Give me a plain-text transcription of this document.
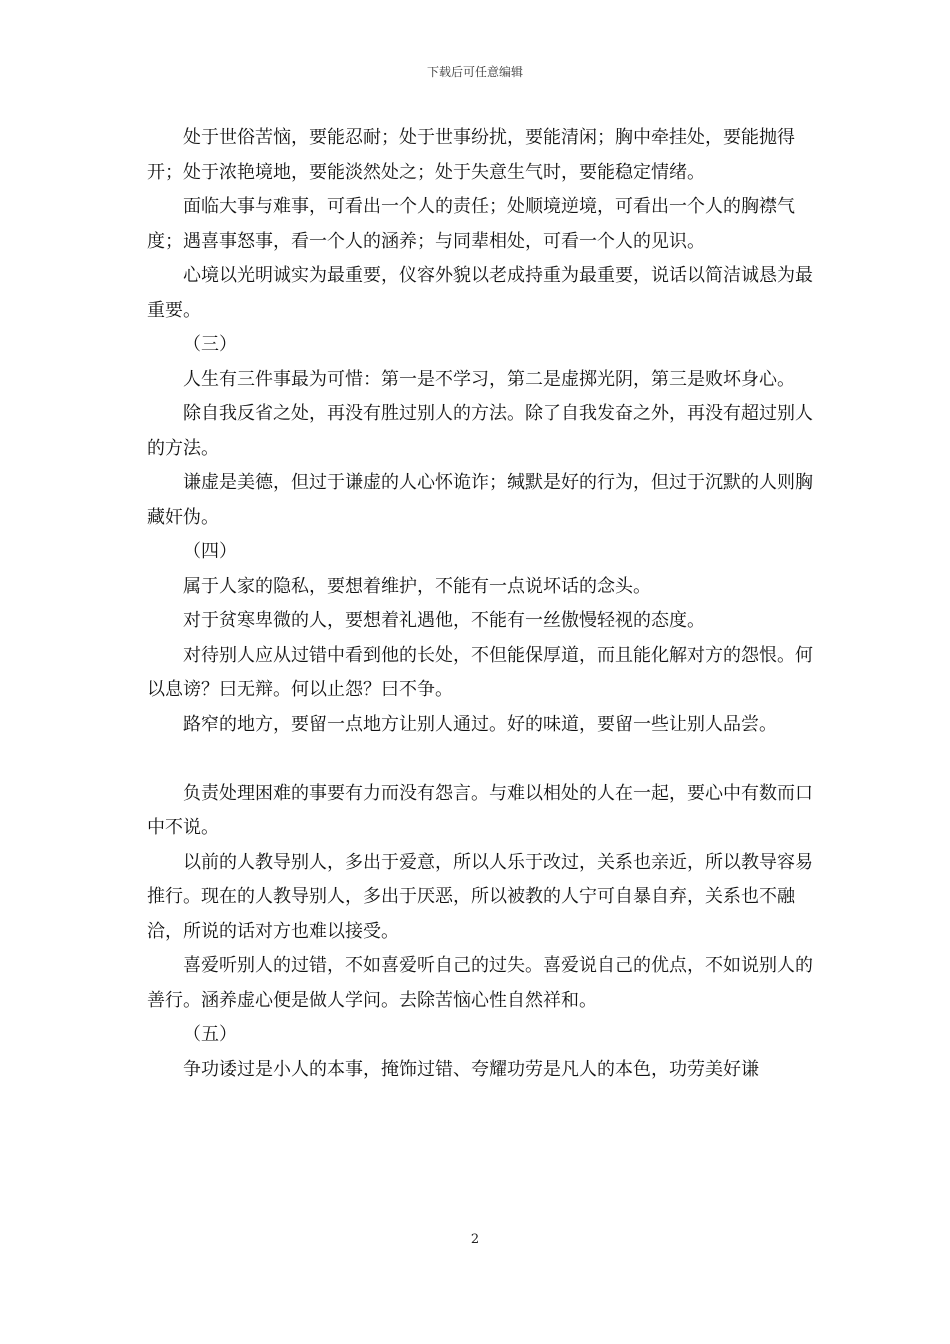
下载后可任意编辑

处于世俗苦恼，要能忍耐；处于世事纷扰，要能清闲；胸中牵挂处，要能抛得开；处于浓艳境地，要能淡然处之；处于失意生气时，要能稳定情绪。

面临大事与难事，可看出一个人的责任；处顺境逆境，可看出一个人的胸襟气度；遇喜事怒事，看一个人的涵养；与同辈相处，可看一个人的见识。

心境以光明诚实为最重要，仪容外貌以老成持重为最重要，说话以简洁诚恳为最重要。

（三）

人生有三件事最为可惜：第一是不学习，第二是虚掷光阴，第三是败坏身心。

除自我反省之处，再没有胜过别人的方法。除了自我发奋之外，再没有超过别人的方法。

谦虚是美德，但过于谦虚的人心怀诡诈；缄默是好的行为，但过于沉默的人则胸藏奸伪。

（四）

属于人家的隐私，要想着维护，不能有一点说坏话的念头。

对于贫寒卑微的人，要想着礼遇他，不能有一丝傲慢轻视的态度。

对待别人应从过错中看到他的长处，不但能保厚道，而且能化解对方的怨恨。何以息谤？曰无辩。何以止怨？曰不争。

路窄的地方，要留一点地方让别人通过。好的味道，要留一些让别人品尝。

负责处理困难的事要有力而没有怨言。与难以相处的人在一起，要心中有数而口中不说。

以前的人教导别人，多出于爱意，所以人乐于改过，关系也亲近，所以教导容易推行。现在的人教导别人，多出于厌恶，所以被教的人宁可自暴自弃，关系也不融洽，所说的话对方也难以接受。

喜爱听别人的过错，不如喜爱听自己的过失。喜爱说自己的优点，不如说别人的善行。涵养虚心便是做人学问。去除苦恼心性自然祥和。

（五）

争功诿过是小人的本事，掩饰过错、夸耀功劳是凡人的本色，功劳美好谦

2
